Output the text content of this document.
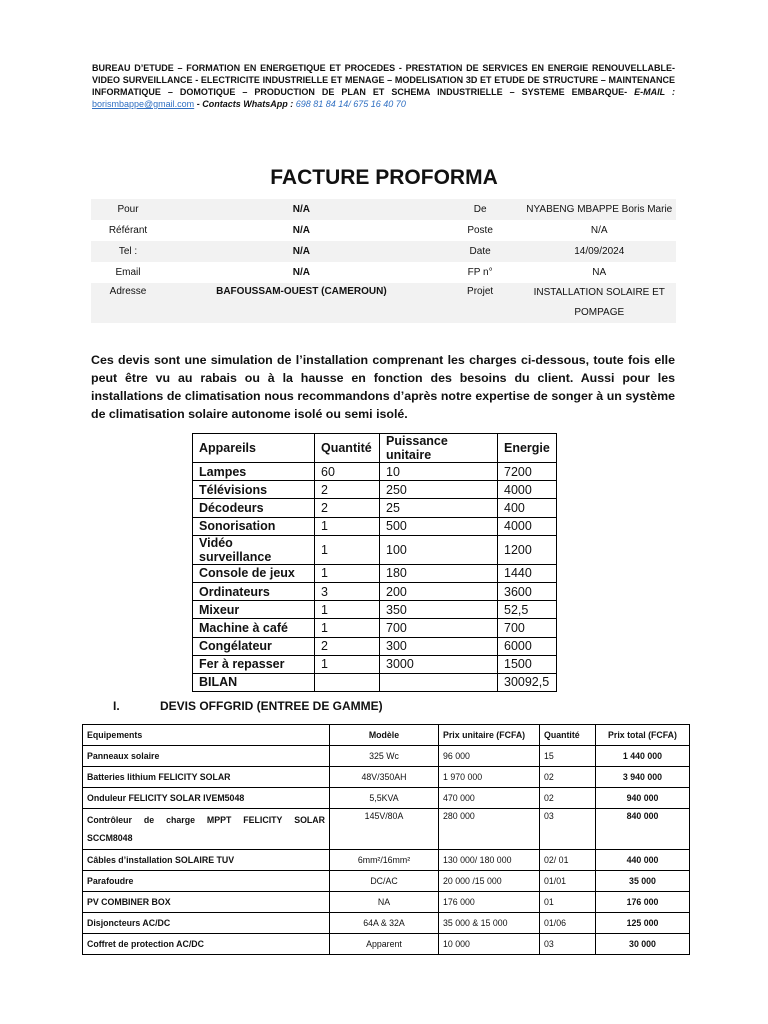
BUREAU D’ETUDE – FORMATION EN ENERGETIQUE ET PROCEDES - PRESTATION DE SERVICES EN ENERGIE RENOUVELLABLE- VIDEO SURVEILLANCE - ELECTRICITE INDUSTRIELLE ET MENAGE – MODELISATION 3D ET ETUDE DE STRUCTURE – MAINTENANCE INFORMATIQUE – DOMOTIQUE – PRODUCTION DE PLAN ET SCHEMA INDUSTRIELLE – SYSTEME EMBARQUE- E-MAIL : borismbappe@gmail.com - Contacts WhatsApp : 698 81 84 14/ 675 16 40 70
FACTURE PROFORMA
Pour	N/A	De	NYABENG MBAPPE Boris Marie
Référant	N/A	Poste	N/A
Tel :	N/A	Date	14/09/2024
Email	N/A	FP n°	NA
Adresse	BAFOUSSAM-OUEST (CAMEROUN)	Projet	INSTALLATION SOLAIRE ET POMPAGE
Ces devis sont une simulation de l’installation comprenant les charges ci-dessous, toute fois elle peut être vu au rabais ou à la hausse en fonction des besoins du client. Aussi pour les installations de climatisation nous recommandons d’après notre expertise de songer à un système de climatisation solaire autonome isolé ou semi isolé.
Appareils	Quantité	Puissance unitaire	Energie
Lampes	60	10	7200
Télévisions	2	250	4000
Décodeurs	2	25	400
Sonorisation	1	500	4000
Vidéo surveillance	1	100	1200
Console de jeux	1	180	1440
Ordinateurs	3	200	3600
Mixeur	1	350	52,5
Machine à café	1	700	700
Congélateur	2	300	6000
Fer à repasser	1	3000	1500
BILAN			30092,5
I.	DEVIS OFFGRID (ENTREE DE GAMME)
Equipements	Modèle	Prix unitaire (FCFA)	Quantité	Prix total (FCFA)
Panneaux solaire	325 Wc	96 000	15	1 440 000
Batteries lithium FELICITY SOLAR	48V/350AH	1 970 000	02	3 940 000
Onduleur FELICITY SOLAR IVEM5048	5,5KVA	470 000	02	940 000
Contrôleur de charge MPPT FELICITY SOLAR SCCM8048	145V/80A	280 000	03	840 000
Câbles d’installation SOLAIRE TUV	6mm²/16mm²	130 000/ 180 000	02/ 01	440 000
Parafoudre	DC/AC	20 000 /15 000	01/01	35 000
PV COMBINER BOX	NA	176 000	01	176 000
Disjoncteurs AC/DC	64A & 32A	35 000 & 15 000	01/06	125 000
Coffret de protection AC/DC	Apparent	10 000	03	30 000
